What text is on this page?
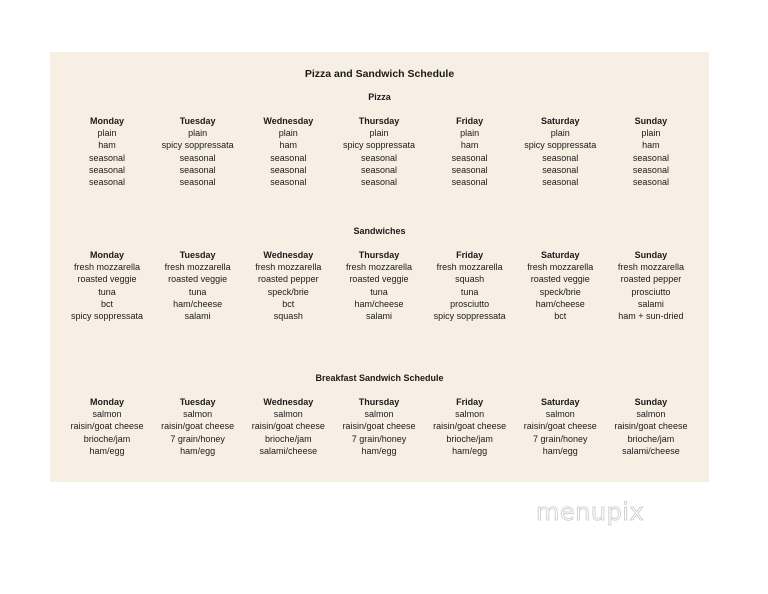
Pizza and Sandwich Schedule
Pizza
Monday
plain
ham
seasonal
seasonal
seasonal
Tuesday
plain
spicy soppressata
seasonal
seasonal
seasonal
Wednesday
plain
ham
seasonal
seasonal
seasonal
Thursday
plain
spicy soppressata
seasonal
seasonal
seasonal
Friday
plain
ham
seasonal
seasonal
seasonal
Saturday
plain
spicy soppressata
seasonal
seasonal
seasonal
Sunday
plain
ham
seasonal
seasonal
seasonal
Sandwiches
Monday
fresh mozzarella
roasted veggie
tuna
bct
spicy soppressata
Tuesday
fresh mozzarella
roasted veggie
tuna
ham/cheese
salami
Wednesday
fresh mozzarella
roasted pepper
speck/brie
bct
squash
Thursday
fresh mozzarella
roasted veggie
tuna
ham/cheese
salami
Friday
fresh mozzarella
squash
tuna
prosciutto
spicy soppressata
Saturday
fresh mozzarella
roasted veggie
speck/brie
ham/cheese
bct
Sunday
fresh mozzarella
roasted pepper
prosciutto
salami
ham + sun-dried
Breakfast Sandwich Schedule
Monday
salmon
raisin/goat cheese
brioche/jam
ham/egg
Tuesday
salmon
raisin/goat cheese
7 grain/honey
ham/egg
Wednesday
salmon
raisin/goat cheese
brioche/jam
salami/cheese
Thursday
salmon
raisin/goat cheese
7 grain/honey
ham/egg
Friday
salmon
raisin/goat cheese
brioche/jam
ham/egg
Saturday
salmon
raisin/goat cheese
7 grain/honey
ham/egg
Sunday
salmon
raisin/goat cheese
brioche/jam
salami/cheese
menupix
